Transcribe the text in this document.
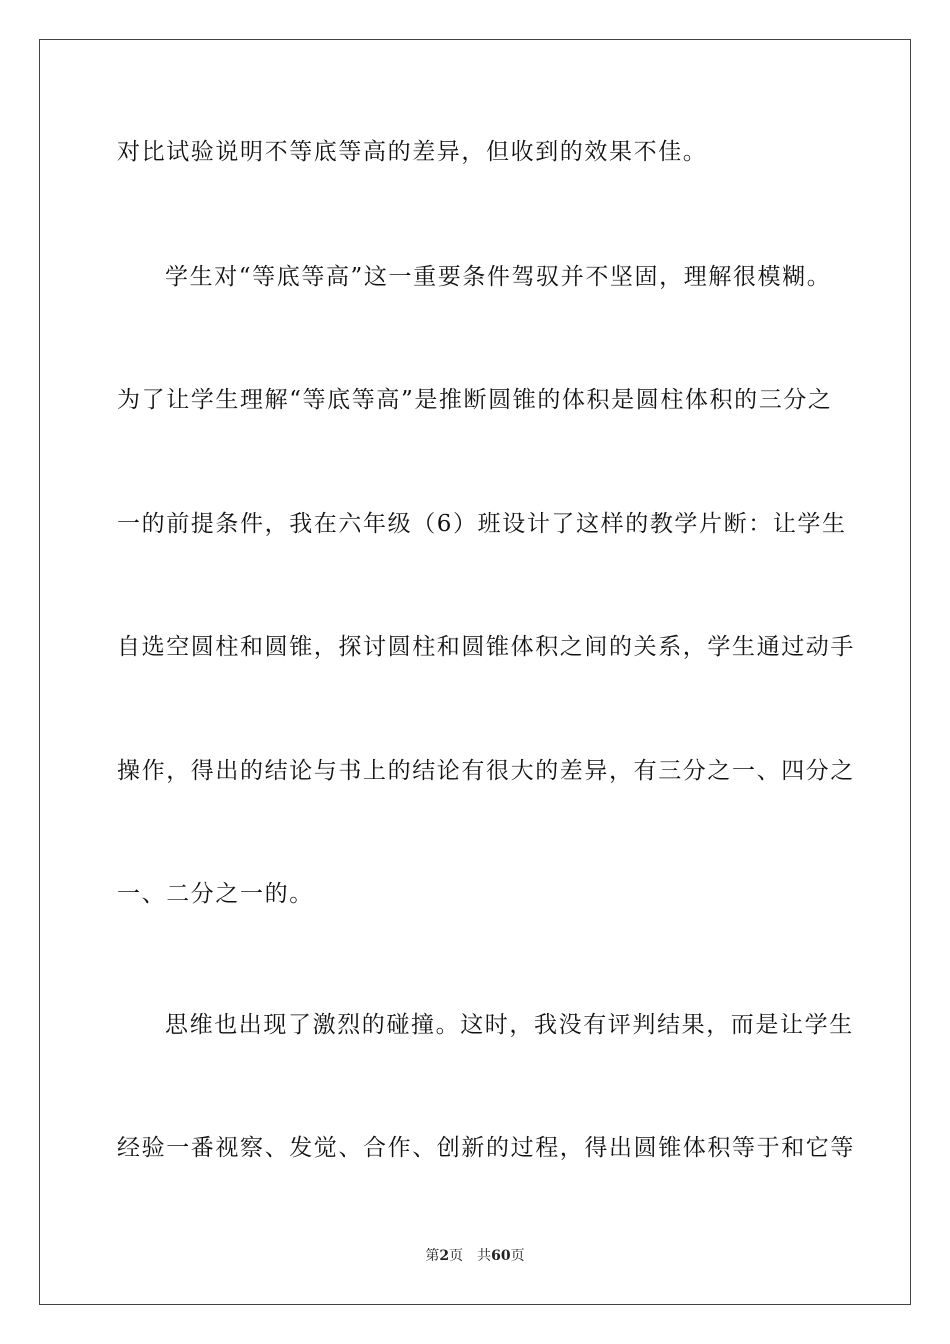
对比试验说明不等底等高的差异，但收到的效果不佳。
学生对“等底等高”这一重要条件驾驭并不坚固，理解很模糊。
为了让学生理解“等底等高”是推断圆锥的体积是圆柱体积的三分之
一的前提条件，我在六年级（6）班设计了这样的教学片断：让学生
自选空圆柱和圆锥，探讨圆柱和圆锥体积之间的关系，学生通过动手
操作，得出的结论与书上的结论有很大的差异，有三分之一、四分之
一、二分之一的。
思维也出现了激烈的碰撞。这时，我没有评判结果，而是让学生
经验一番视察、发觉、合作、创新的过程，得出圆锥体积等于和它等
第2页 共60页
